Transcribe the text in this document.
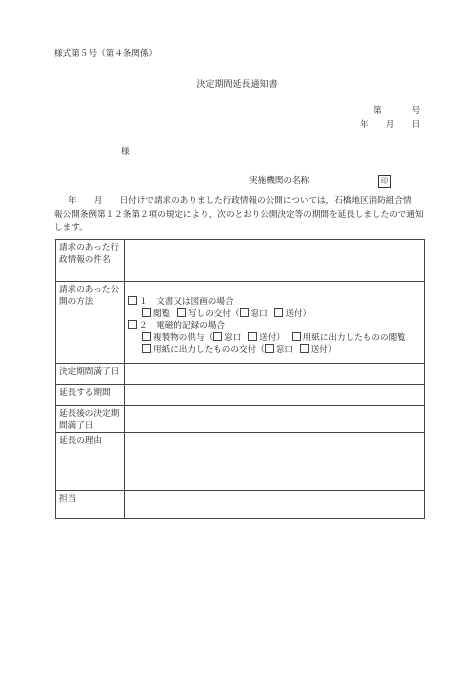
様式第５号（第４条関係）
決定期間延長通知書
第	号
年　　月　　日
様
実施機関の名称	印

年　　月　　日付けで請求のありました行政情報の公開については，石橋地区消防組合情

報公開条例第１２条第２項の規定により，次のとおり公開決定等の期間を延長しましたので通知

します。

請求のあった行政情報の件名	
請求のあった公開の方法	１　文書又は図画の場合
閲覧 写しの交付（ 窓口 送付）
２　電磁的記録の場合
複製物の供与（ 窓口 送付） 用紙に出力したものの閲覧
用紙に出力したものの交付（ 窓口 送付）

決定期間満了日	
延長する期間	
延長後の決定期間満了日	
延長の理由	
担当	
